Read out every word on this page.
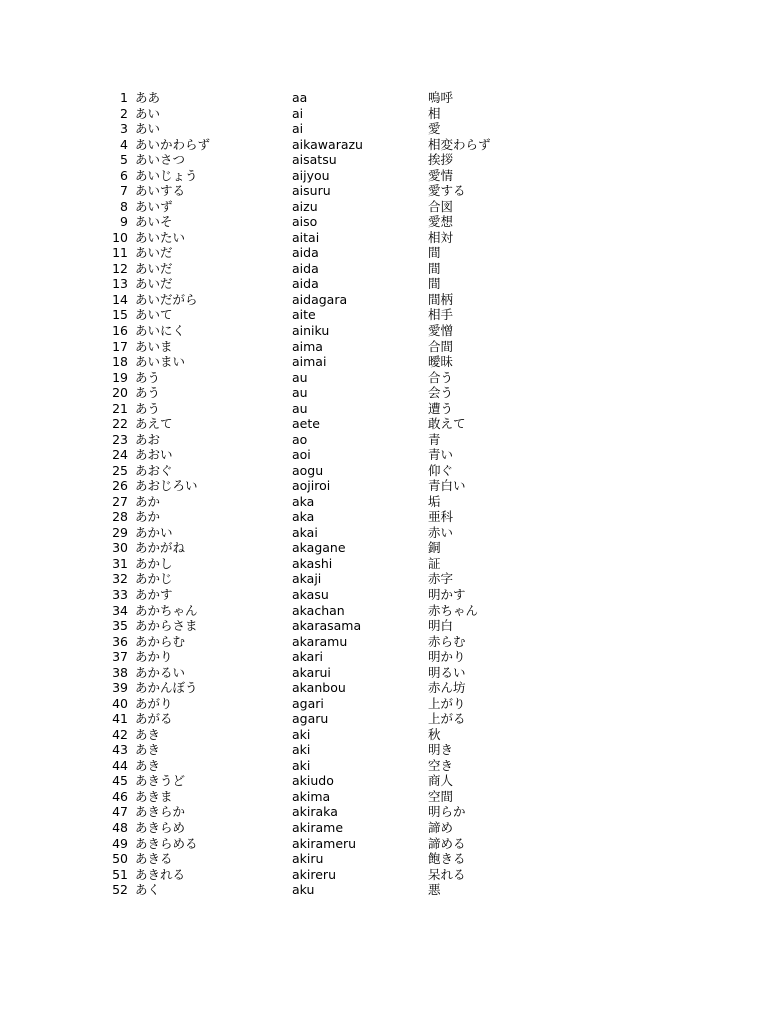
1 ああ	aa	嗚呼
2 あい	ai	相
3 あい	ai	愛
4 あいかわらず	aikawarazu	相変わらず
5 あいさつ	aisatsu	挨拶
6 あいじょう	aijyou	愛情
7 あいする	aisuru	愛する
8 あいず	aizu	合図
9 あいそ	aiso	愛想
10 あいたい	aitai	相対
11 あいだ	aida	間
12 あいだ	aida	間
13 あいだ	aida	間
14 あいだがら	aidagara	間柄
15 あいて	aite	相手
16 あいにく	ainiku	愛憎
17 あいま	aima	合間
18 あいまい	aimai	曖昧
19 あう	au	合う
20 あう	au	会う
21 あう	au	遭う
22 あえて	aete	敢えて
23 あお	ao	青
24 あおい	aoi	青い
25 あおぐ	aogu	仰ぐ
26 あおじろい	aojiroi	青白い
27 あか	aka	垢
28 あか	aka	亜科
29 あかい	akai	赤い
30 あかがね	akagane	銅
31 あかし	akashi	証
32 あかじ	akaji	赤字
33 あかす	akasu	明かす
34 あかちゃん	akachan	赤ちゃん
35 あからさま	akarasama	明白
36 あからむ	akaramu	赤らむ
37 あかり	akari	明かり
38 あかるい	akarui	明るい
39 あかんぼう	akanbou	赤ん坊
40 あがり	agari	上がり
41 あがる	agaru	上がる
42 あき	aki	秋
43 あき	aki	明き
44 あき	aki	空き
45 あきうど	akiudo	商人
46 あきま	akima	空間
47 あきらか	akiraka	明らか
48 あきらめ	akirame	諦め
49 あきらめる	akirameru	諦める
50 あきる	akiru	飽きる
51 あきれる	akireru	呆れる
52 あく	aku	悪
